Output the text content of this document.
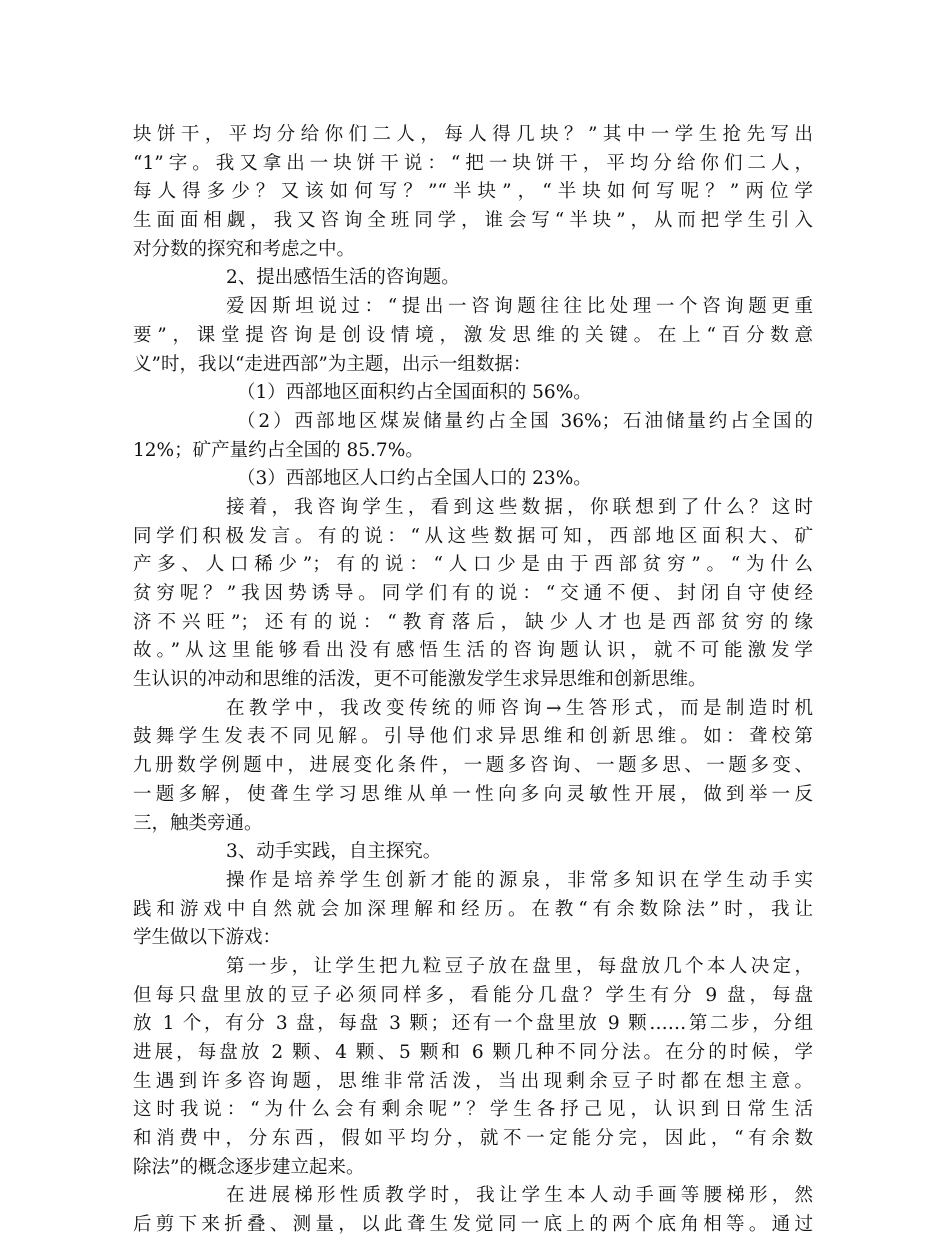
块饼干，平均分给你们二人，每人得几块？”其中一学生抢先写出
“1”字。我又拿出一块饼干说：“把一块饼干，平均分给你们二人，
每人得多少？又该如何写？”“半块”，“半块如何写呢？”两位学
生面面相觑，我又咨询全班同学，谁会写“半块”，从而把学生引入
对分数的探究和考虑之中。
2、提出感悟生活的咨询题。
爱因斯坦说过：“提出一咨询题往往比处理一个咨询题更重
要”，课堂提咨询是创设情境，激发思维的关键。在上“百分数意
义”时，我以“走进西部”为主题，出示一组数据：
（1）西部地区面积约占全国面积的 56%。
（2）西部地区煤炭储量约占全国 36%；石油储量约占全国的
12%；矿产量约占全国的 85.7%。
（3）西部地区人口约占全国人口的 23%。
接着，我咨询学生，看到这些数据，你联想到了什么？这时
同学们积极发言。有的说：“从这些数据可知，西部地区面积大、矿
产多、人口稀少”；有的说：“人口少是由于西部贫穷”。“为什么
贫穷呢？”我因势诱导。同学们有的说：“交通不便、封闭自守使经
济不兴旺”；还有的说：“教育落后，缺少人才也是西部贫穷的缘
故。”从这里能够看出没有感悟生活的咨询题认识，就不可能激发学
生认识的冲动和思维的活泼，更不可能激发学生求异思维和创新思维。
在教学中，我改变传统的师咨询→生答形式，而是制造时机
鼓舞学生发表不同见解。引导他们求异思维和创新思维。如：聋校第
九册数学例题中，进展变化条件，一题多咨询、一题多思、一题多变、
一题多解，使聋生学习思维从单一性向多向灵敏性开展，做到举一反
三，触类旁通。
3、动手实践，自主探究。
操作是培养学生创新才能的源泉，非常多知识在学生动手实
践和游戏中自然就会加深理解和经历。在教“有余数除法”时，我让
学生做以下游戏：
第一步，让学生把九粒豆子放在盘里，每盘放几个本人决定，
但每只盘里放的豆子必须同样多，看能分几盘？学生有分 9 盘，每盘
放 1 个，有分 3 盘，每盘 3 颗；还有一个盘里放 9 颗……第二步，分组
进展，每盘放 2 颗、4 颗、5 颗和 6 颗几种不同分法。在分的时候，学
生遇到许多咨询题，思维非常活泼，当出现剩余豆子时都在想主意。
这时我说：“为什么会有剩余呢”？学生各抒己见，认识到日常生活
和消费中，分东西，假如平均分，就不一定能分完，因此，“有余数
除法”的概念逐步建立起来。
在进展梯形性质教学时，我让学生本人动手画等腰梯形，然
后剪下来折叠、测量，以此聋生发觉同一底上的两个底角相等。通过
